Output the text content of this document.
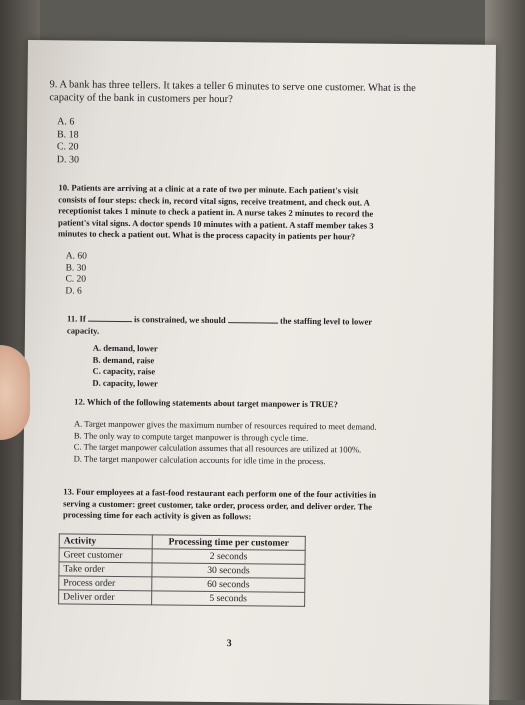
9. A bank has three tellers. It takes a teller 6 minutes to serve one customer. What is the
capacity of the bank in customers per hour?
A. 6
B. 18
C. 20
D. 30
10. Patients are arriving at a clinic at a rate of two per minute. Each patient's visit
consists of four steps: check in, record vital signs, receive treatment, and check out. A
receptionist takes 1 minute to check a patient in. A nurse takes 2 minutes to record the
patient's vital signs. A doctor spends 10 minutes with a patient. A staff member takes 3
minutes to check a patient out. What is the process capacity in patients per hour?
A. 60
B. 30
C. 20
D. 6
11. If	is constrained, we should	the staffing level to lower
capacity.
A. demand, lower
B. demand, raise
C. capacity, raise
D. capacity, lower
12. Which of the following statements about target manpower is TRUE?
A. Target manpower gives the maximum number of resources required to meet demand.
B. The only way to compute target manpower is through cycle time.
C. The target manpower calculation assumes that all resources are utilized at 100%.
D. The target manpower calculation accounts for idle time in the process.
13. Four employees at a fast-food restaurant each perform one of the four activities in
serving a customer: greet customer, take order, process order, and deliver order. The
processing time for each activity is given as follows:
Activity	Processing time per customer
Greet customer	2 seconds
Take order	30 seconds
Process order	60 seconds
Deliver order	5 seconds
3
